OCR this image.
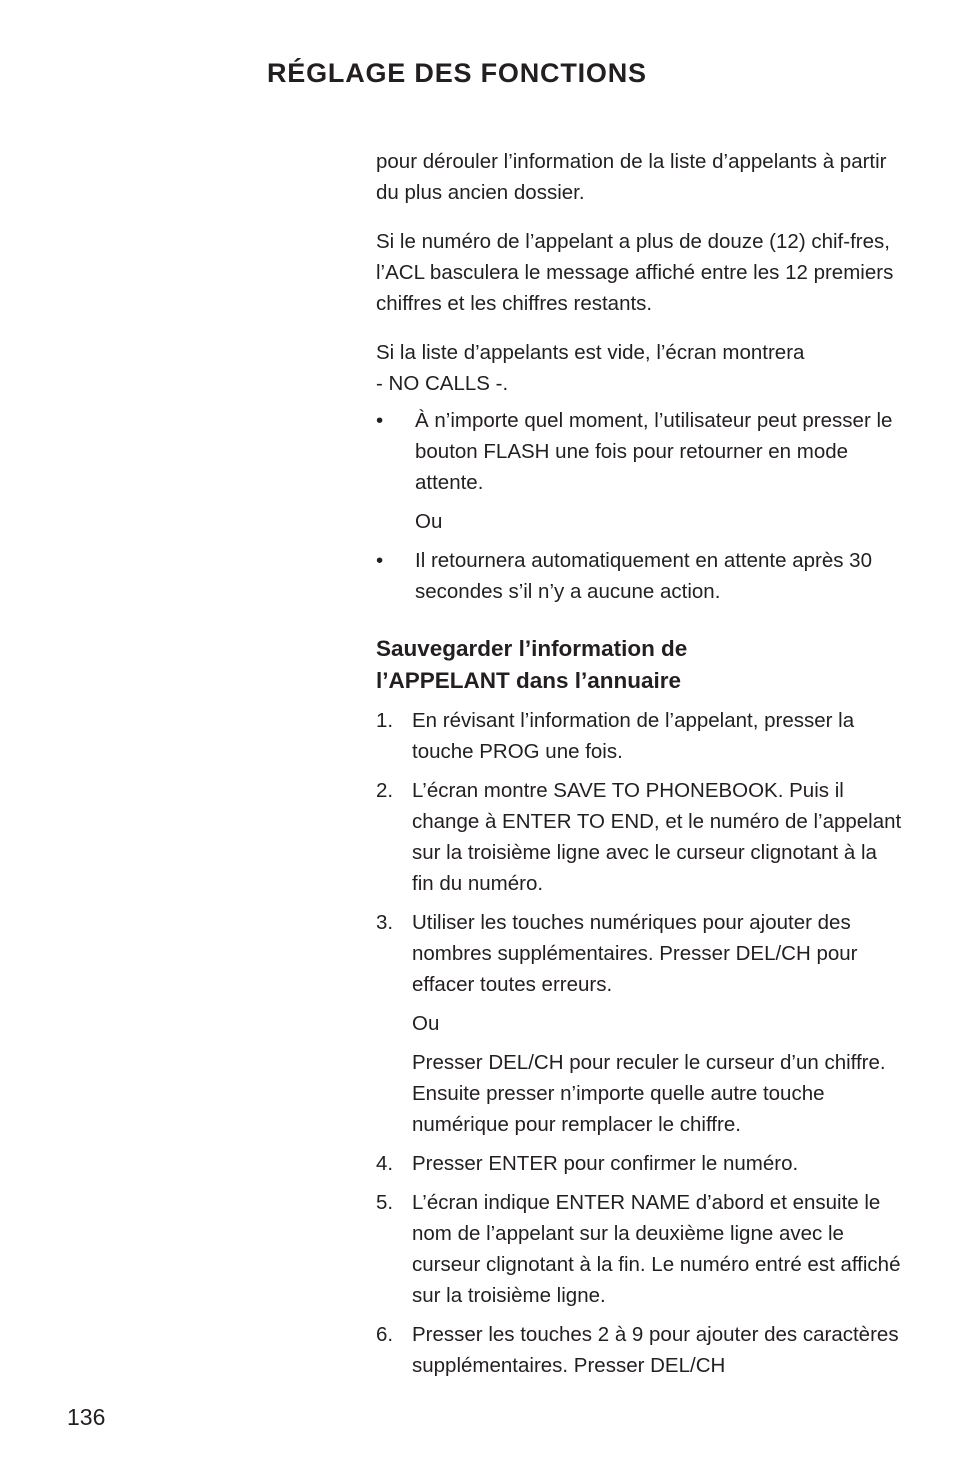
RÉGLAGE DES FONCTIONS

pour dérouler l’information de la liste d’appelants à partir du plus ancien dossier.

Si le numéro de l’appelant a plus de douze (12) chif-fres, l’ACL basculera le message affiché entre les 12 premiers chiffres et les chiffres restants.

Si la liste d’appelants est vide, l’écran montrera
- NO CALLS -.

• À n’importe quel moment, l’utilisateur peut presser le bouton FLASH une fois pour retourner en mode attente.
Ou
• Il retournera automatiquement en attente après 30 secondes s’il n’y a aucune action.
Sauvegarder l’information de
l’APPELANT dans l’annuaire
1. En révisant l’information de l’appelant, presser la touche PROG une fois.
2. L’écran montre SAVE TO PHONEBOOK. Puis il change à ENTER TO END, et le numéro de l’appelant sur la troisième ligne avec le curseur clignotant à la fin du numéro.
3. Utiliser les touches numériques pour ajouter des nombres supplémentaires. Presser DEL/CH pour effacer toutes erreurs.

Ou

Presser DEL/CH pour reculer le curseur d’un chiffre. Ensuite presser n’importe quelle autre touche numérique pour remplacer le chiffre.

4. Presser ENTER pour confirmer le numéro.
5. L’écran indique ENTER NAME d’abord et ensuite le nom de l’appelant sur la deuxième ligne avec le curseur clignotant à la fin. Le numéro entré est affiché sur la troisième ligne.
6. Presser les touches 2 à 9 pour ajouter des caractères supplémentaires. Presser DEL/CH

136
